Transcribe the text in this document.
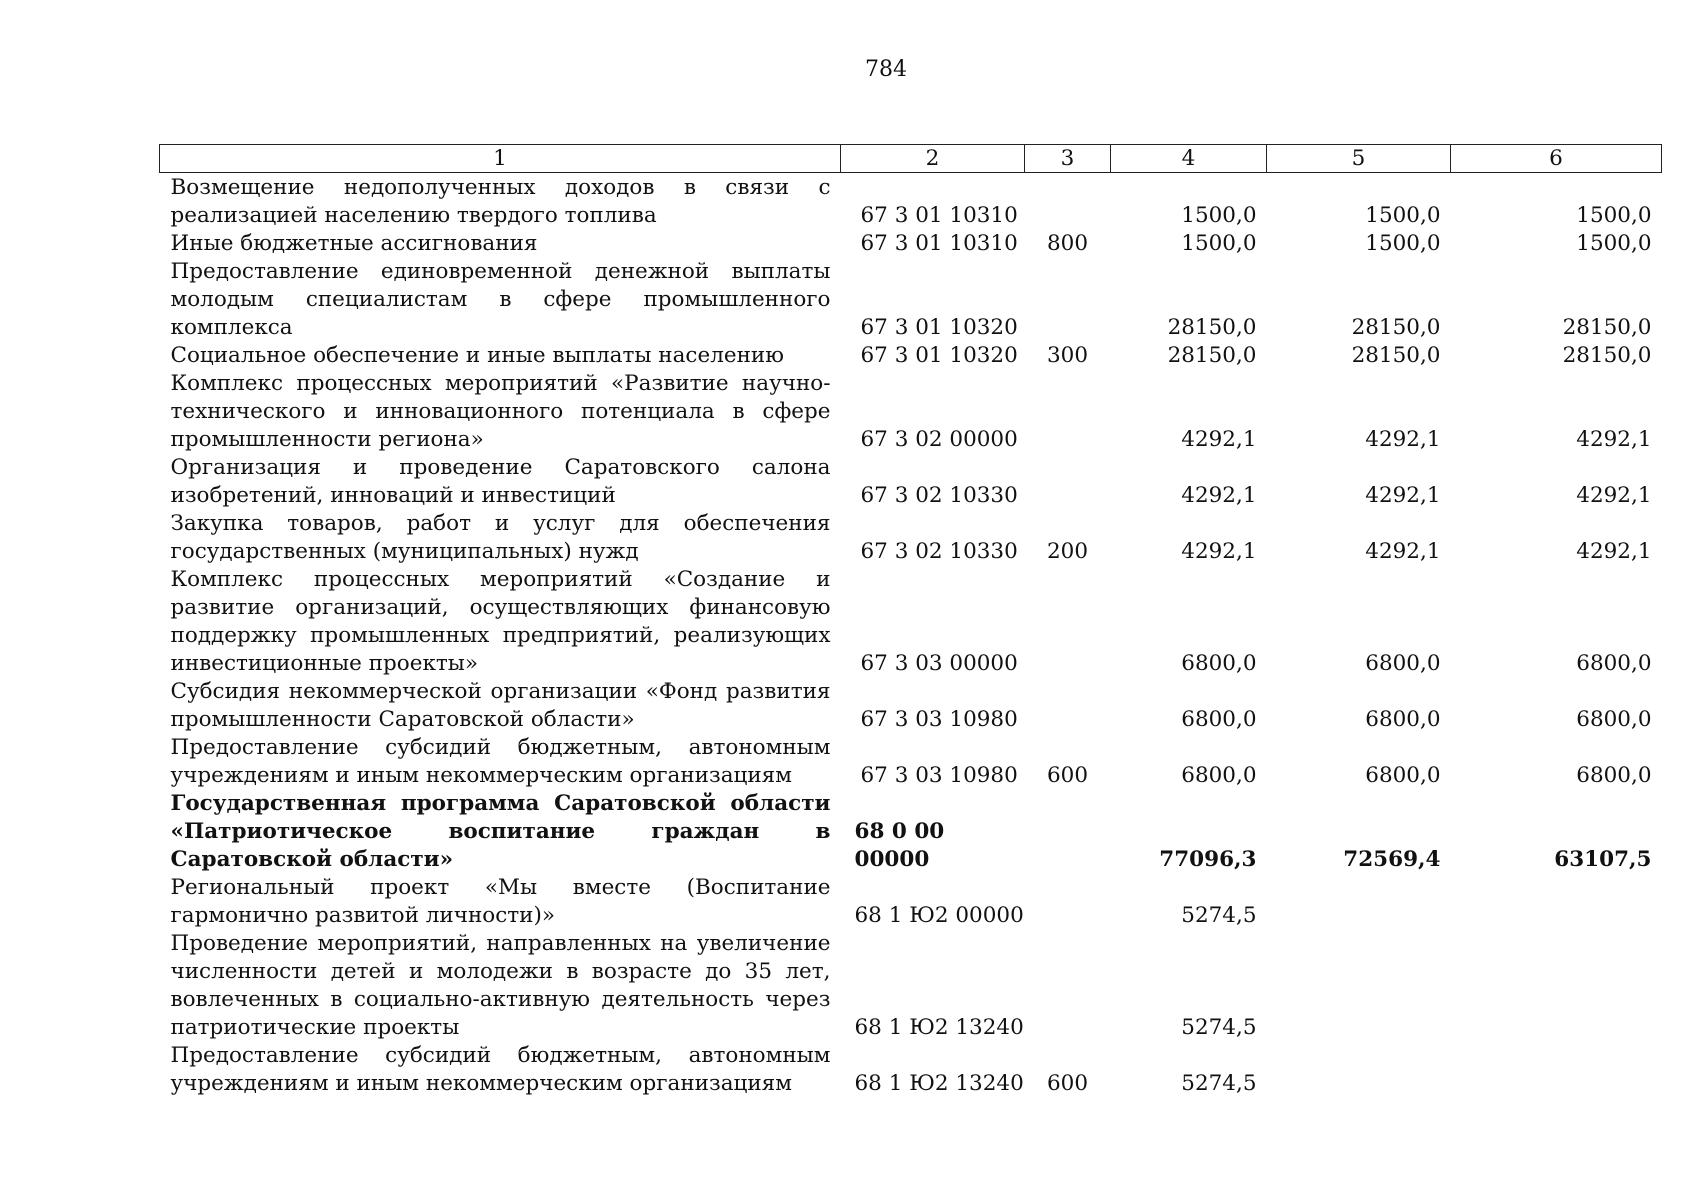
784
1	2	3	4	5	6
Возмещение недополученных доходов в связи с реализацией населению твердого топлива	67 3 01 10310		1500,0	1500,0	1500,0
Иные бюджетные ассигнования	67 3 01 10310	800	1500,0	1500,0	1500,0
Предоставление единовременной денежной выплаты молодым специалистам в сфере промышленного комплекса	67 3 01 10320		28150,0	28150,0	28150,0
Социальное обеспечение и иные выплаты населению	67 3 01 10320	300	28150,0	28150,0	28150,0
Комплекс процессных мероприятий «Развитие научно-технического и инновационного потенциала в сфере промышленности региона»	67 3 02 00000		4292,1	4292,1	4292,1
Организация и проведение Саратовского салона изобретений, инноваций и инвестиций	67 3 02 10330		4292,1	4292,1	4292,1
Закупка товаров, работ и услуг для обеспечения государственных (муниципальных) нужд	67 3 02 10330	200	4292,1	4292,1	4292,1
Комплекс процессных мероприятий «Создание и развитие организаций, осуществляющих финансовую поддержку промышленных предприятий, реализующих инвестиционные проекты»	67 3 03 00000		6800,0	6800,0	6800,0
Субсидия некоммерческой организации «Фонд развития промышленности Саратовской области»	67 3 03 10980		6800,0	6800,0	6800,0
Предоставление субсидий бюджетным, автономным учреждениям и иным некоммерческим организациям	67 3 03 10980	600	6800,0	6800,0	6800,0
Государственная программа Саратовской области «Патриотическое воспитание граждан в Саратовской области»	68 0 00 00000		77096,3	72569,4	63107,5
Региональный проект «Мы вместе (Воспитание гармонично развитой личности)»	68 1 Ю2 00000		5274,5		
Проведение мероприятий, направленных на увеличение численности детей и молодежи в возрасте до 35 лет, вовлеченных в социально-активную деятельность через патриотические проекты	68 1 Ю2 13240		5274,5		
Предоставление субсидий бюджетным, автономным учреждениям и иным некоммерческим организациям	68 1 Ю2 13240	600	5274,5		
